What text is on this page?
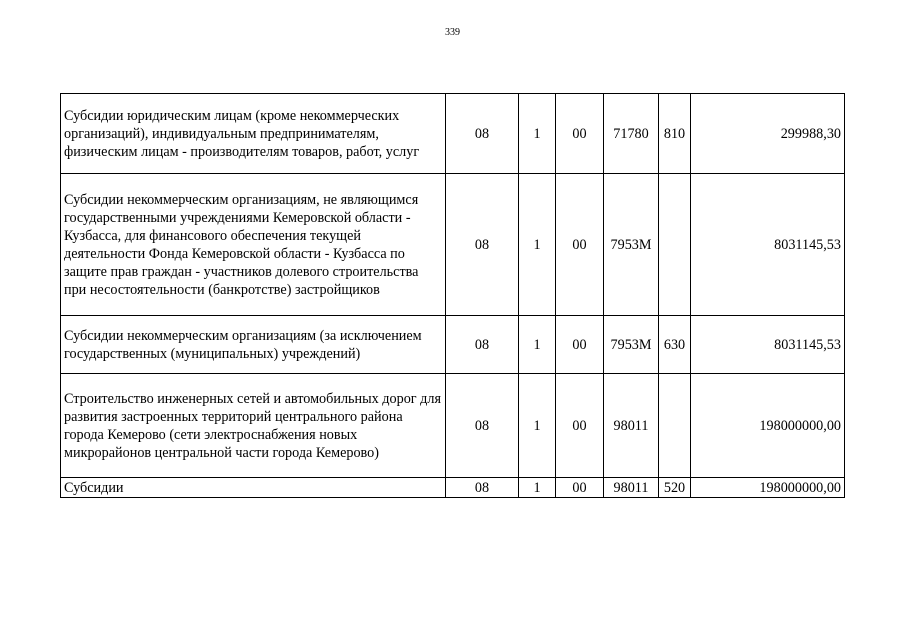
339
Субсидии юридическим лицам (кроме некоммерческих организаций), индивидуальным предпринимателям, физическим лицам - производителям товаров, работ, услуг	08	1	00	71780	810	299988,30
Субсидии некоммерческим организациям, не являющимся государственными учреждениями Кемеровской области - Кузбасса, для финансового обеспечения текущей деятельности Фонда Кемеровской области - Кузбасса по защите прав граждан - участников долевого строительства при несостоятельности (банкротстве) застройщиков	08	1	00	7953М		8031145,53
Субсидии некоммерческим организациям (за исключением государственных (муниципальных) учреждений)	08	1	00	7953М	630	8031145,53
Строительство инженерных сетей и автомобильных дорог для развития застроенных территорий центрального района города Кемерово (сети электроснабжения новых микрорайонов центральной части города Кемерово)	08	1	00	98011		198000000,00
Субсидии	08	1	00	98011	520	198000000,00
